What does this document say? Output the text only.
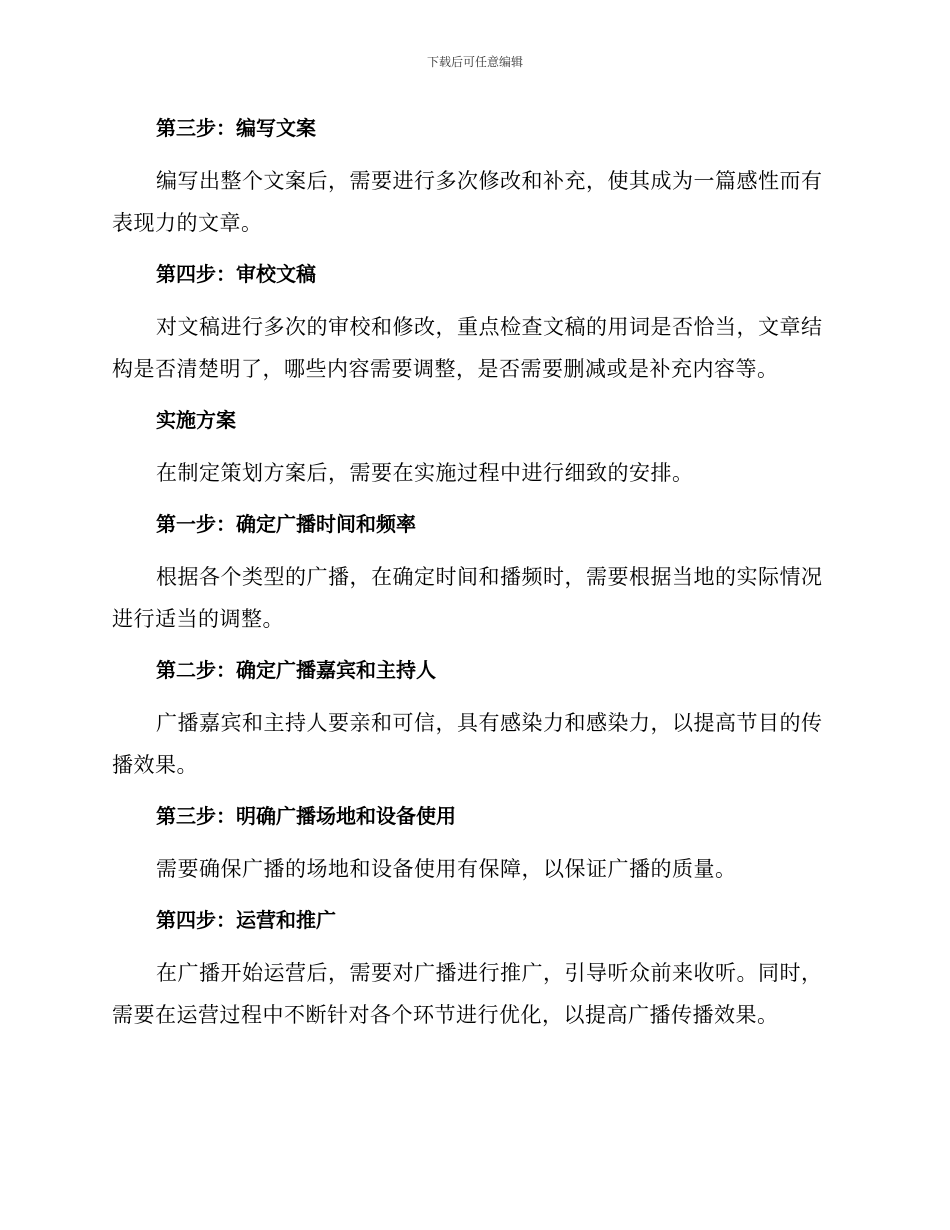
下载后可任意编辑
第三步：编写文案

编写出整个文案后，需要进行多次修改和补充，使其成为一篇感性而有表现力的文章。

第四步：审校文稿

对文稿进行多次的审校和修改，重点检查文稿的用词是否恰当，文章结构是否清楚明了，哪些内容需要调整，是否需要删减或是补充内容等。

实施方案

在制定策划方案后，需要在实施过程中进行细致的安排。

第一步：确定广播时间和频率

根据各个类型的广播，在确定时间和播频时，需要根据当地的实际情况进行适当的调整。

第二步：确定广播嘉宾和主持人

广播嘉宾和主持人要亲和可信，具有感染力和感染力，以提高节目的传播效果。

第三步：明确广播场地和设备使用

需要确保广播的场地和设备使用有保障，以保证广播的质量。

第四步：运营和推广

在广播开始运营后，需要对广播进行推广，引导听众前来收听。同时，需要在运营过程中不断针对各个环节进行优化，以提高广播传播效果。
